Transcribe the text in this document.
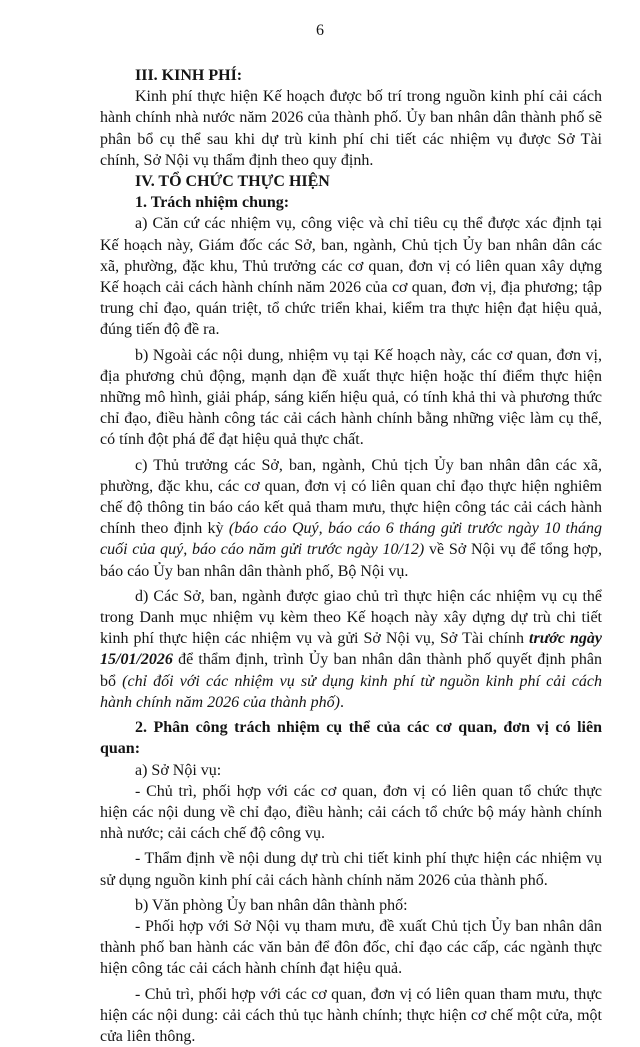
6

III. KINH PHÍ:

Kinh phí thực hiện Kế hoạch được bố trí trong nguồn kinh phí cải cách hành chính nhà nước năm 2026 của thành phố. Ủy ban nhân dân thành phố sẽ phân bổ cụ thể sau khi dự trù kinh phí chi tiết các nhiệm vụ được Sở Tài chính, Sở Nội vụ thẩm định theo quy định.

IV. TỔ CHỨC THỰC HIỆN

1. Trách nhiệm chung:

a) Căn cứ các nhiệm vụ, công việc và chỉ tiêu cụ thể được xác định tại Kế hoạch này, Giám đốc các Sở, ban, ngành, Chủ tịch Ủy ban nhân dân các xã, phường, đặc khu, Thủ trưởng các cơ quan, đơn vị có liên quan xây dựng Kế hoạch cải cách hành chính năm 2026 của cơ quan, đơn vị, địa phương; tập trung chỉ đạo, quán triệt, tổ chức triển khai, kiểm tra thực hiện đạt hiệu quả, đúng tiến độ đề ra.

b) Ngoài các nội dung, nhiệm vụ tại Kế hoạch này, các cơ quan, đơn vị, địa phương chủ động, mạnh dạn đề xuất thực hiện hoặc thí điểm thực hiện những mô hình, giải pháp, sáng kiến hiệu quả, có tính khả thi và phương thức chỉ đạo, điều hành công tác cải cách hành chính bằng những việc làm cụ thể, có tính đột phá để đạt hiệu quả thực chất.

c) Thủ trưởng các Sở, ban, ngành, Chủ tịch Ủy ban nhân dân các xã, phường, đặc khu, các cơ quan, đơn vị có liên quan chỉ đạo thực hiện nghiêm chế độ thông tin báo cáo kết quả tham mưu, thực hiện công tác cải cách hành chính theo định kỳ (báo cáo Quý, báo cáo 6 tháng gửi trước ngày 10 tháng cuối của quý, báo cáo năm gửi trước ngày 10/12) về Sở Nội vụ để tổng hợp, báo cáo Ủy ban nhân dân thành phố, Bộ Nội vụ.

d) Các Sở, ban, ngành được giao chủ trì thực hiện các nhiệm vụ cụ thể trong Danh mục nhiệm vụ kèm theo Kế hoạch này xây dựng dự trù chi tiết kinh phí thực hiện các nhiệm vụ và gửi Sở Nội vụ, Sở Tài chính trước ngày 15/01/2026 để thẩm định, trình Ủy ban nhân dân thành phố quyết định phân bổ (chỉ đối với các nhiệm vụ sử dụng kinh phí từ nguồn kinh phí cải cách hành chính năm 2026 của thành phố).

2. Phân công trách nhiệm cụ thể của các cơ quan, đơn vị có liên quan:

a) Sở Nội vụ:

- Chủ trì, phối hợp với các cơ quan, đơn vị có liên quan tổ chức thực hiện các nội dung về chỉ đạo, điều hành; cải cách tổ chức bộ máy hành chính nhà nước; cải cách chế độ công vụ.

- Thẩm định về nội dung dự trù chi tiết kinh phí thực hiện các nhiệm vụ sử dụng nguồn kinh phí cải cách hành chính năm 2026 của thành phố.

b) Văn phòng Ủy ban nhân dân thành phố:

- Phối hợp với Sở Nội vụ tham mưu, đề xuất Chủ tịch Ủy ban nhân dân thành phố ban hành các văn bản để đôn đốc, chỉ đạo các cấp, các ngành thực hiện công tác cải cách hành chính đạt hiệu quả.

- Chủ trì, phối hợp với các cơ quan, đơn vị có liên quan tham mưu, thực hiện các nội dung: cải cách thủ tục hành chính; thực hiện cơ chế một cửa, một cửa liên thông.
